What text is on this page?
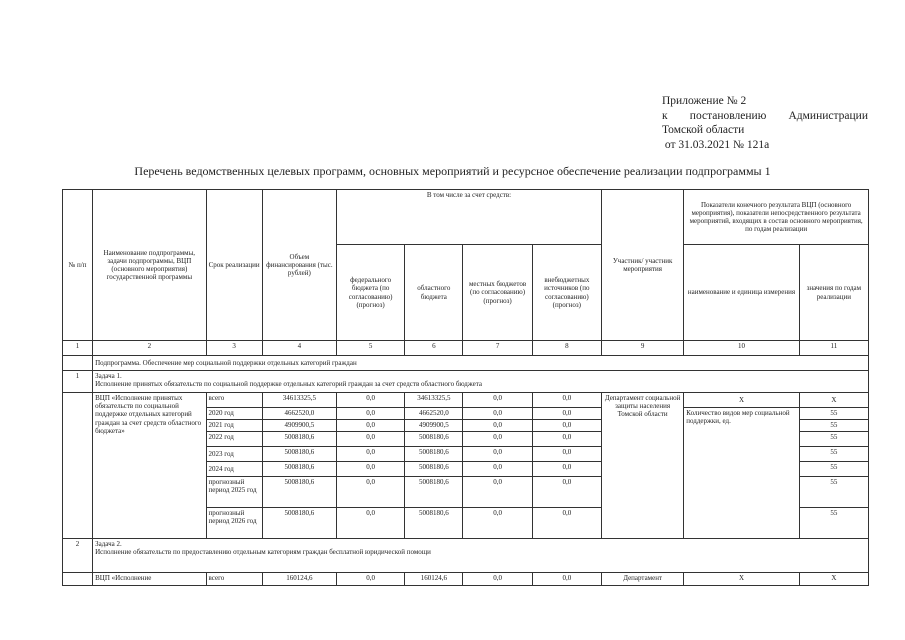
Приложение № 2
к постановлению Администрации
Томской области
от 31.03.2021 № 121а
Перечень ведомственных целевых программ, основных мероприятий и ресурсное обеспечение реализации подпрограммы 1
№ п/п	Наименование подпрограммы, задачи подпрограммы, ВЦП (основного мероприятия) государственной программы	Срок реализации	Объем финансирования (тыс. рублей)	В том числе за счет средств:				Участник/ участник мероприятия	Показатели конечного результата ВЦП (основного мероприятия), показатели непосредственного результата мероприятий, входящих в состав основного мероприятия, по годам реализации	
				федерального бюджета (по согласованию) (прогноз)	областного бюджета	местных бюджетов (по согласованию) (прогноз)	внебюджетных источников (по согласованию) (прогноз)		наименование и единица измерения	значения по годам реализации
1	2	3	4	5	6	7	8	9	10	11
	Подпрограмма. Обеспечение мер социальной поддержки отдельных категорий граждан									
1	Задача 1.
Исполнение принятых обязательств по социальной поддержке отдельных категорий граждан за счет средств областного бюджета									

	ВЦП «Исполнение принятых обязательств по социальной поддержке отдельных категорий граждан за счет средств областного бюджета»	всего	34613325,5	0,0	34613325,5	0,0	0,0	Департамент социальной защиты населения Томской области	Х	Х
		2020 год	4662520,0	0,0	4662520,0	0,0	0,0		Количество видов мер социальной поддержки, ед.	55
		2021 год	4909900,5	0,0	4909900,5	0,0	0,0			55
		2022 год	5008180,6	0,0	5008180,6	0,0	0,0			55
		2023 год	5008180,6	0,0	5008180,6	0,0	0,0			55
		2024 год	5008180,6	0,0	5008180,6	0,0	0,0			55
		прогнозный период 2025 год	5008180,6	0,0	5008180,6	0,0	0,0			55
		прогнозный период 2026 год	5008180,6	0,0	5008180,6	0,0	0,0			55
2	Задача 2.
Исполнение обязательств по предоставлению отдельным категориям граждан бесплатной юридической помощи									

	ВЦП «Исполнение	всего	160124,6	0,0	160124,6	0,0	0,0	Департамент	Х	Х
